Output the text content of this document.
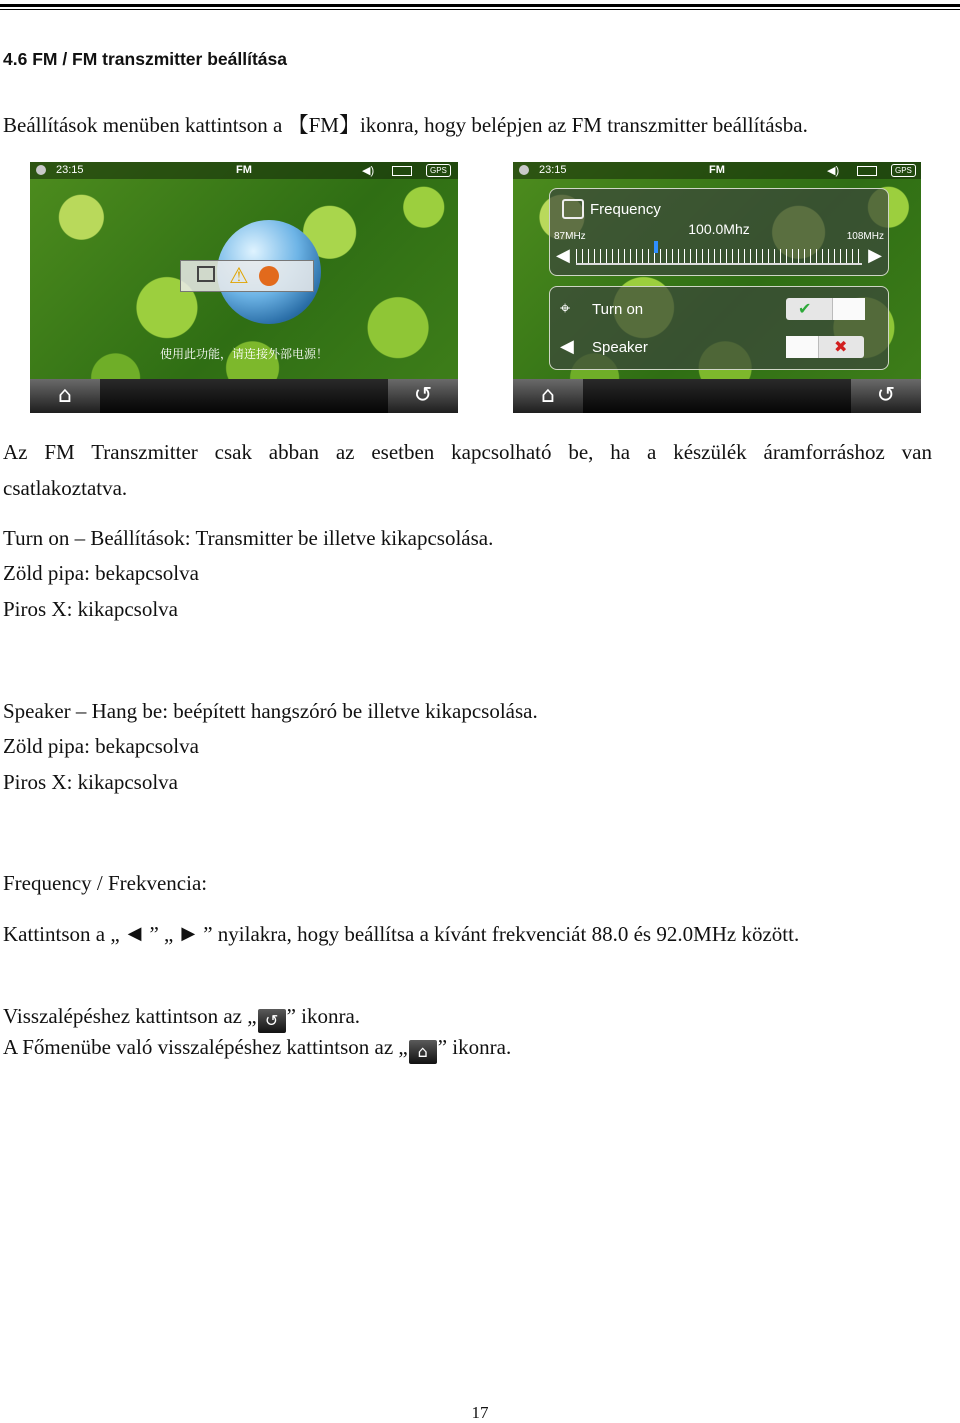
4.6 FM / FM transzmitter beállítása
Beállítások menüben kattintson a 【FM】ikonra, hogy belépjen az FM transzmitter beállításba.
23:15	FM	◀)	GPS
⚠
使用此功能，请连接外部电源！
⌂	↺
23:15	FM	◀)	GPS
Frequency
100.0Mhz
87MHz	108MHz
◀	▶
⌖ Turn on	✔
◀ Speaker	✖
⌂	↺
Az FM Transzmitter csak abban az esetben kapcsolható be, ha a készülék áramforráshoz van
csatlakoztatva.
Turn on – Beállítások: Transmitter be illetve kikapcsolása.
Zöld pipa: bekapcsolva
Piros X: kikapcsolva
Speaker – Hang be: beépített hangszóró be illetve kikapcsolása.
Zöld pipa: bekapcsolva
Piros X: kikapcsolva
Frequency / Frekvencia:
Kattintson a „ ◀ ” „ ▶ ” nyilakra, hogy beállítsa a kívánt frekvenciát 88.0 és 92.0MHz között.
Visszalépéshez kattintson az „ ↺ ” ikonra.
A Főmenübe való visszalépéshez kattintson az „ ⌂ ” ikonra.
17
